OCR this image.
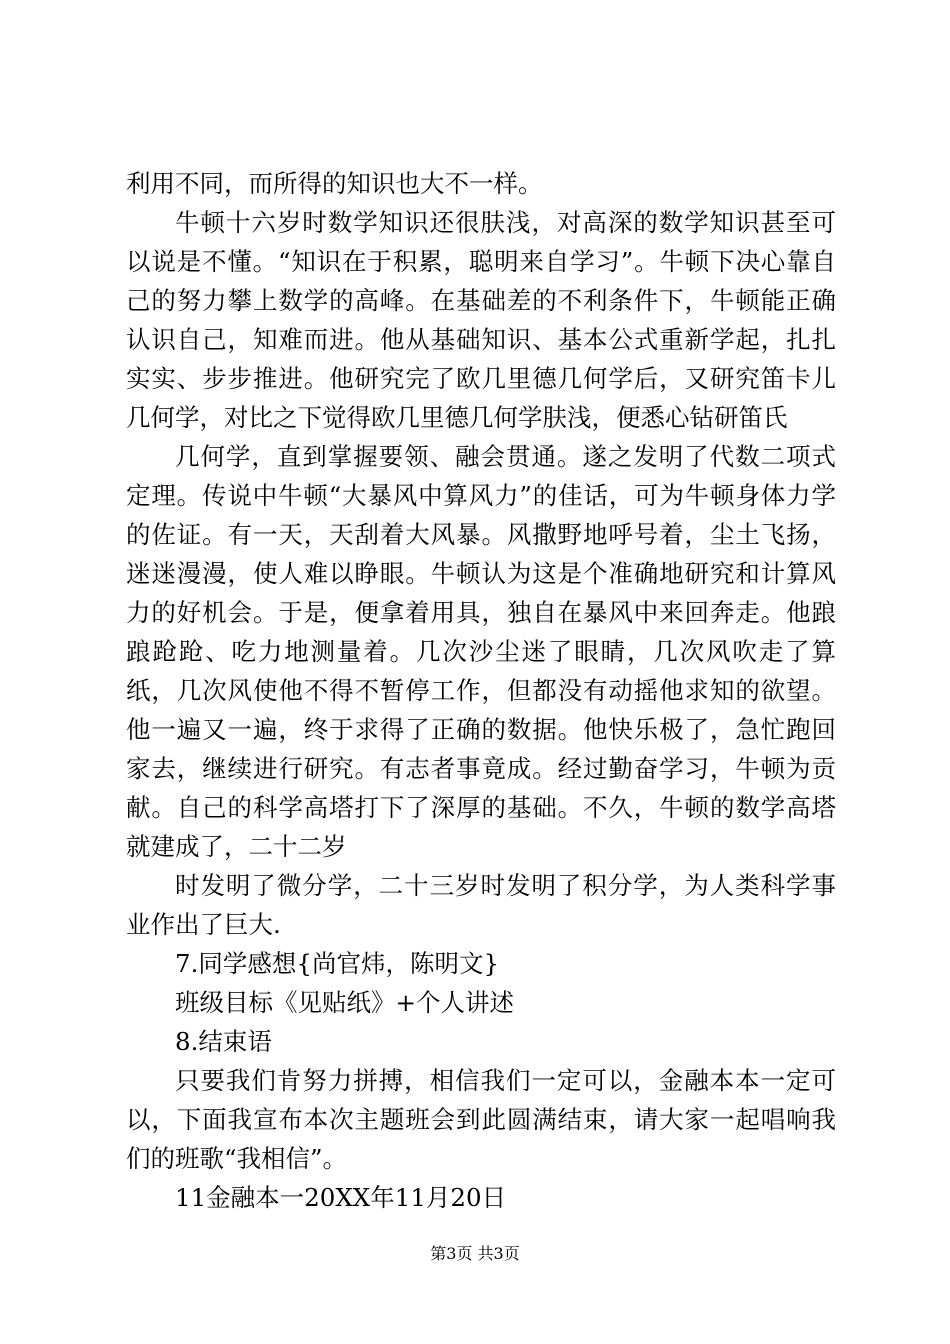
利用不同，而所得的知识也大不一样。

牛顿十六岁时数学知识还很肤浅，对高深的数学知识甚至可以说是不懂。“知识在于积累，聪明来自学习”。牛顿下决心靠自己的努力攀上数学的高峰。在基础差的不利条件下，牛顿能正确认识自己，知难而进。他从基础知识、基本公式重新学起，扎扎实实、步步推进。他研究完了欧几里德几何学后，又研究笛卡儿几何学，对比之下觉得欧几里德几何学肤浅，便悉心钻研笛氏

几何学，直到掌握要领、融会贯通。遂之发明了代数二项式定理。传说中牛顿“大暴风中算风力”的佳话，可为牛顿身体力学的佐证。有一天，天刮着大风暴。风撒野地呼号着，尘土飞扬，迷迷漫漫，使人难以睁眼。牛顿认为这是个准确地研究和计算风力的好机会。于是，便拿着用具，独自在暴风中来回奔走。他踉踉跄跄、吃力地测量着。几次沙尘迷了眼睛，几次风吹走了算纸，几次风使他不得不暂停工作，但都没有动摇他求知的欲望。他一遍又一遍，终于求得了正确的数据。他快乐极了，急忙跑回家去，继续进行研究。有志者事竟成。经过勤奋学习，牛顿为贡献。自己的科学高塔打下了深厚的基础。不久，牛顿的数学高塔就建成了，二十二岁

时发明了微分学，二十三岁时发明了积分学，为人类科学事业作出了巨大.

7.同学感想{尚官炜，陈明文}

班级目标《见贴纸》+个人讲述

8.结束语

只要我们肯努力拼搏，相信我们一定可以，金融本本一定可以，下面我宣布本次主题班会到此圆满结束，请大家一起唱响我们的班歌“我相信”。

11金融本一20XX年11月20日

第3页 共3页
